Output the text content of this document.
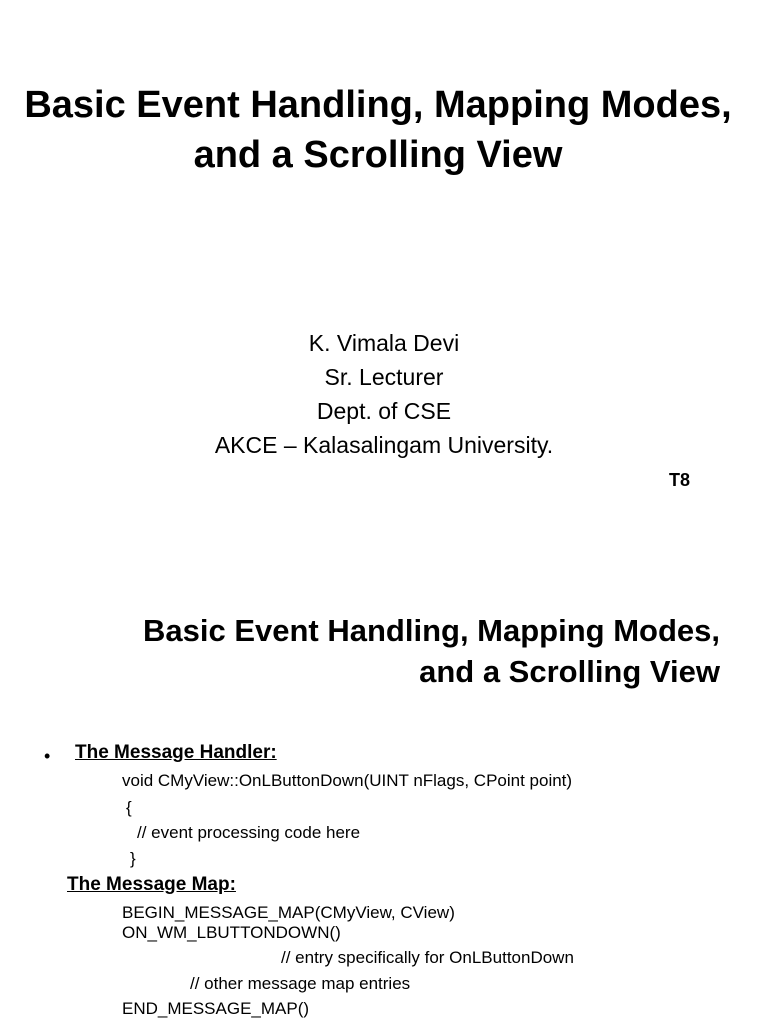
Basic Event Handling, Mapping Modes, and a Scrolling View
K. Vimala Devi
Sr. Lecturer
Dept. of CSE
AKCE – Kalasalingam University.
T8
Basic Event Handling, Mapping Modes,
and a Scrolling View
• The Message Handler:
void CMyView::OnLButtonDown(UINT nFlags, CPoint point)
{
// event processing code here
}
The Message Map:
BEGIN_MESSAGE_MAP(CMyView, CView)
ON_WM_LBUTTONDOWN()
// entry specifically for OnLButtonDown
// other message map entries
END_MESSAGE_MAP()
